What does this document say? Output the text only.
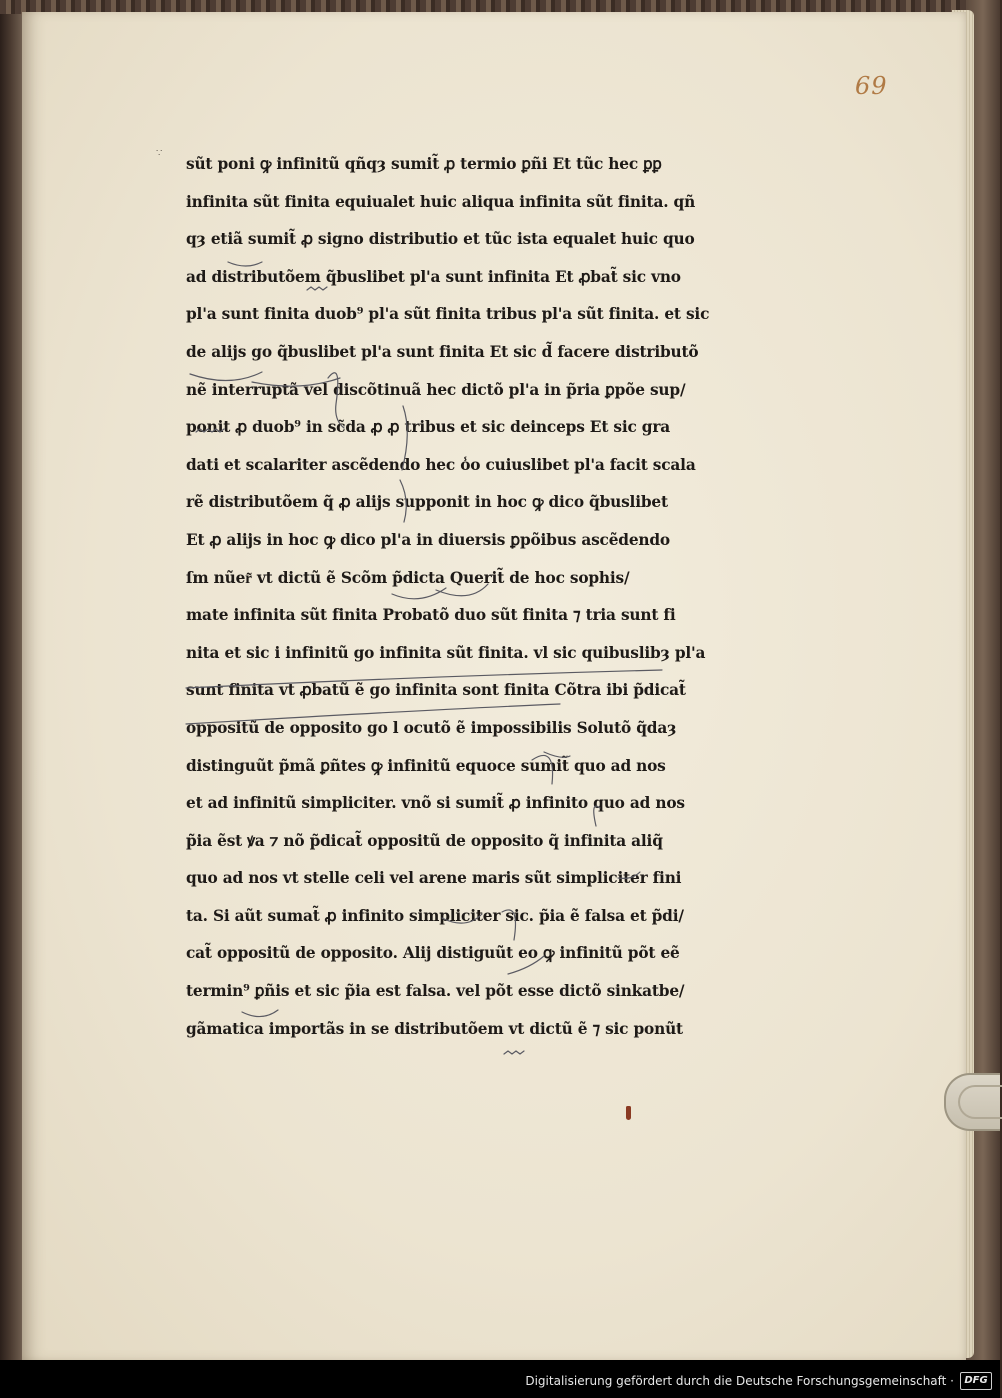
69
∵
sũt poni ꝙ infinitũ qñqȝ sumit̃ ꝓ termio ꝑñi Et tũc hec ꝑꝑ
infinita sũt finita equiualet huic aliqua infinita sũt finita. qñ
qȝ etiã sumit̃ ꝓ signo distributio et tũc ista equalet huic quo
ad distributõem q̃buslibet pl'a sunt infinita Et ꝓbat̃ sic vno
pl'a sunt finita duob⁹ pl'a sũt finita tribus pl'a sũt finita. et sic
de alijs go q̃buslibet pl'a sunt finita Et sic d̃ facere distributõ
nẽ interruptã vel discõtinuã hec dictõ pl'a in p̃ria ꝑpõe sup/
ponit ꝓ duob⁹ in sc̃da ꝓ ꝓ tribus et sic deinceps Et sic gra
dati et scalariter ascẽdendo hec o̾o cuiuslibet pl'a facit scala
rẽ distributõem q̃ ꝓ alijs supponit in hoc ꝙ dico q̃buslibet
Et ꝓ alijs in hoc ꝙ dico pl'a in diuersis ꝑpõibus ascẽdendo
ſm nũer͂ vt dictũ ẽ Scõm p̃dicta Querit̃ de hoc sophis/
mate infinita sũt finita Probatõ duo sũt finita ⁊ tria sunt fi
nita et sic i infinitũ go infinita sũt finita. vl sic quibuslibȝ pl'a
sunt finita vt ꝓbatũ ẽ go infinita sont finita Cõtra ibi p̃dicat̃
oppositũ de opposito go l ocutõ ẽ impossibilis Solutõ q̃daȝ
distinguũt p̃mã ꝑñtes ꝙ infinitũ equoce sumit̃ quo ad nos
et ad infinitũ simpliciter. vnõ si sumit̃ ꝓ infinito quo ad nos
p̃ia ẽst ꝟa ⁊ nõ p̃dicat̃ oppositũ de opposito q̃ infinita aliq̃
quo ad nos vt stelle celi vel arene maris sũt simpliciter fini
ta. Si aũt sumat̃ ꝓ infinito simpliciter sic. p̃ia ẽ falsa et p̃di/
cat̃ oppositũ de opposito. Alij distiguũt eo ꝙ infinitũ põt eẽ
termin⁹ ꝑñis et sic p̃ia est falsa. vel põt esse dictõ sinkatbe/
gãmatica importãs in se distributõem vt dictũ ẽ ⁊ sic ponũt
Digitalisierung gefördert durch die Deutsche Forschungsgemeinschaft ·	DFG
